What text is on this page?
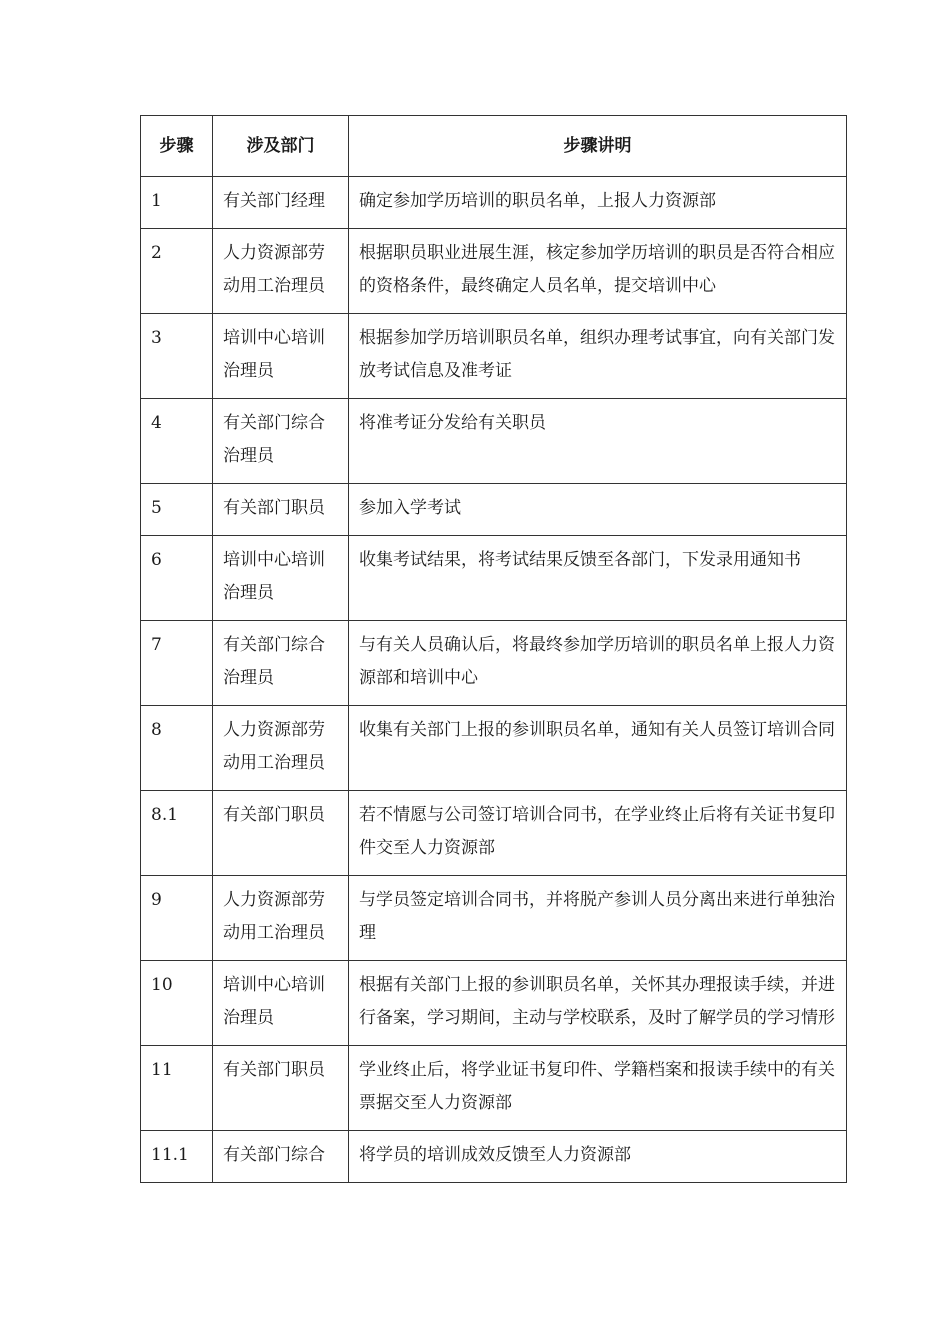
步骤	涉及部门	步骤讲明
1	有关部门经理	确定参加学历培训的职员名单，上报人力资源部
2	人力资源部劳动用工治理员	根据职员职业进展生涯，核定参加学历培训的职员是否符合相应的资格条件，最终确定人员名单，提交培训中心
3	培训中心培训治理员	根据参加学历培训职员名单，组织办理考试事宜，向有关部门发放考试信息及准考证
4	有关部门综合治理员	将准考证分发给有关职员
5	有关部门职员	参加入学考试
6	培训中心培训治理员	收集考试结果，将考试结果反馈至各部门，下发录用通知书
7	有关部门综合治理员	与有关人员确认后，将最终参加学历培训的职员名单上报人力资源部和培训中心
8	人力资源部劳动用工治理员	收集有关部门上报的参训职员名单，通知有关人员签订培训合同
8.1	有关部门职员	若不情愿与公司签订培训合同书，在学业终止后将有关证书复印件交至人力资源部
9	人力资源部劳动用工治理员	与学员签定培训合同书，并将脱产参训人员分离出来进行单独治理
10	培训中心培训治理员	根据有关部门上报的参训职员名单，关怀其办理报读手续，并进行备案，学习期间，主动与学校联系，及时了解学员的学习情形
11	有关部门职员	学业终止后，将学业证书复印件、学籍档案和报读手续中的有关票据交至人力资源部
11.1	有关部门综合	将学员的培训成效反馈至人力资源部
